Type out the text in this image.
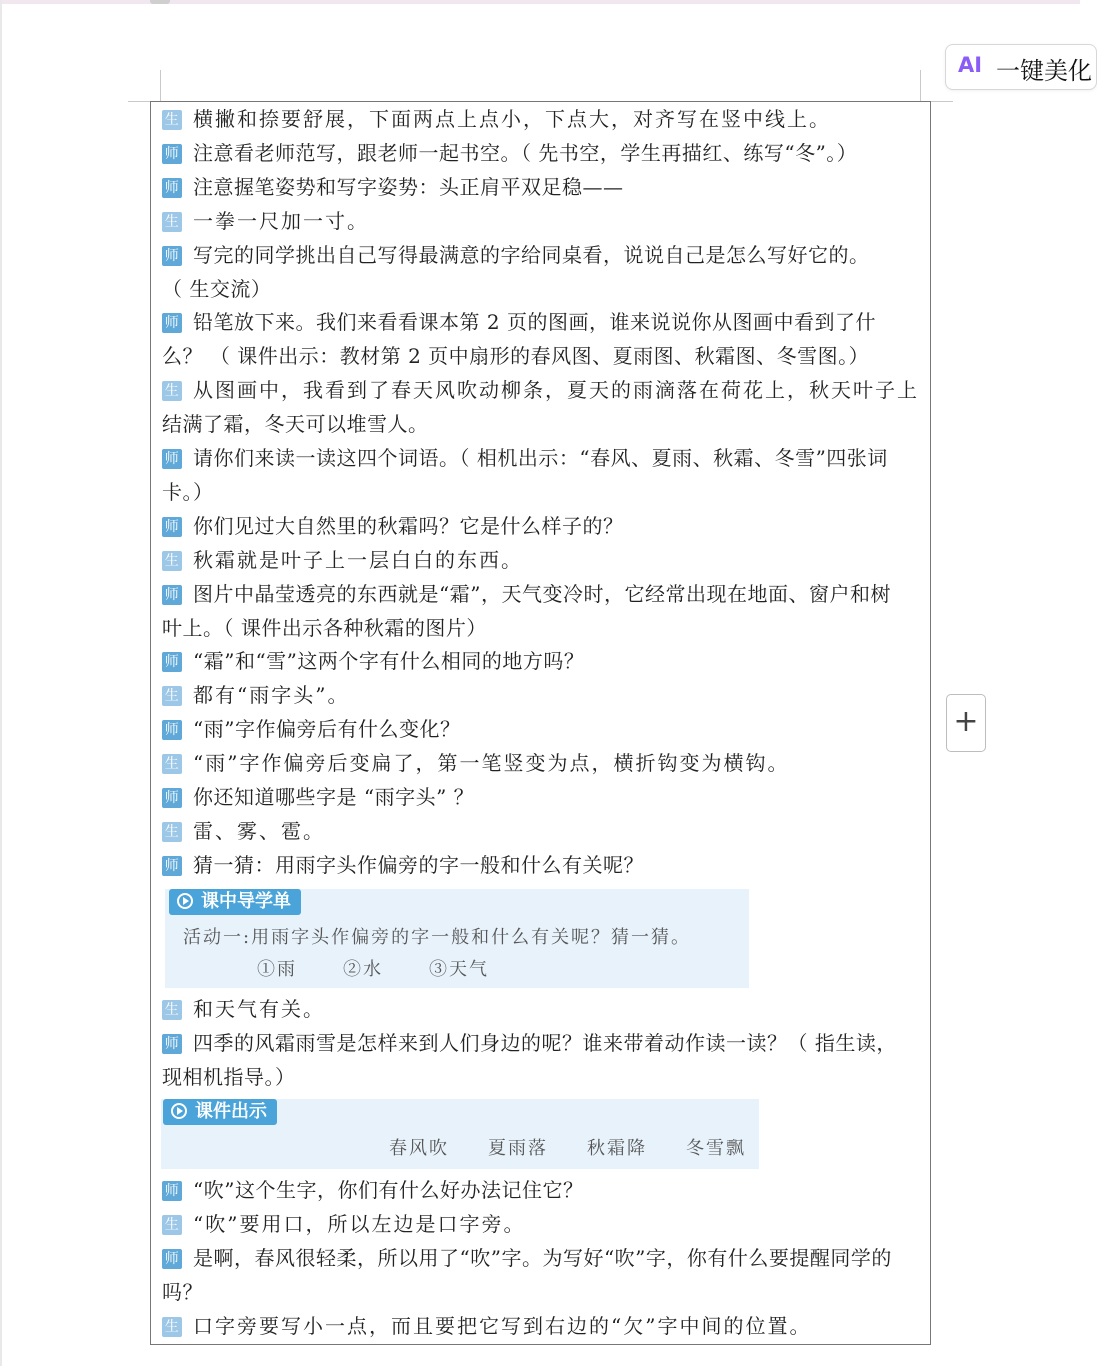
课中导学单
活动一:用雨字头作偏旁的字一般和什么有关呢？猜一猜。
①雨	②水	③天气
课件出示
春风吹 夏雨落 秋霜降 冬雪飘
生 横撇和捺要舒展，下面两点上点小，下点大，对齐写在竖中线上。
师 注意看老师范写，跟老师一起书空。（ 先书空，学生再描红、练写“冬”。）
师 注意握笔姿势和写字姿势：头正肩平双足稳——
生 一拳一尺加一寸。
师 写完的同学挑出自己写得最满意的字给同桌看，说说自己是怎么写好它的。
（ 生交流）
师 铅笔放下来。我们来看看课本第 2 页的图画，谁来说说你从图画中看到了什
么？ （ 课件出示：教材第 2 页中扇形的春风图、夏雨图、秋霜图、冬雪图。）
生 从图画中，我看到了春天风吹动柳条，夏天的雨滴落在荷花上，秋天叶子上
结满了霜，冬天可以堆雪人。
师 请你们来读一读这四个词语。（ 相机出示：“春风、夏雨、秋霜、冬雪”四张词
卡。）
师 你们见过大自然里的秋霜吗？它是什么样子的？
生 秋霜就是叶子上一层白白的东西。
师 图片中晶莹透亮的东西就是“霜”，天气变冷时，它经常出现在地面、窗户和树
叶上。（ 课件出示各种秋霜的图片）
师 “霜”和“雪”这两个字有什么相同的地方吗？
生 都有“雨字头”。
师 “雨”字作偏旁后有什么变化？
生 “雨”字作偏旁后变扁了，第一笔竖变为点，横折钩变为横钩。
师 你还知道哪些字是 “雨字头” ？
生 雷、雾、雹。
师 猜一猜：用雨字头作偏旁的字一般和什么有关呢？
生 和天气有关。
师 四季的风霜雨雪是怎样来到人们身边的呢？谁来带着动作读一读？（ 指生读，
现相机指导。）
师 “吹”这个生字，你们有什么好办法记住它？
生 “吹”要用口，所以左边是口字旁。
师 是啊，春风很轻柔，所以用了“吹”字。为写好“吹”字，你有什么要提醒同学的
吗？
生 口字旁要写小一点，而且要把它写到右边的“欠”字中间的位置。
AI 一键美化
+
